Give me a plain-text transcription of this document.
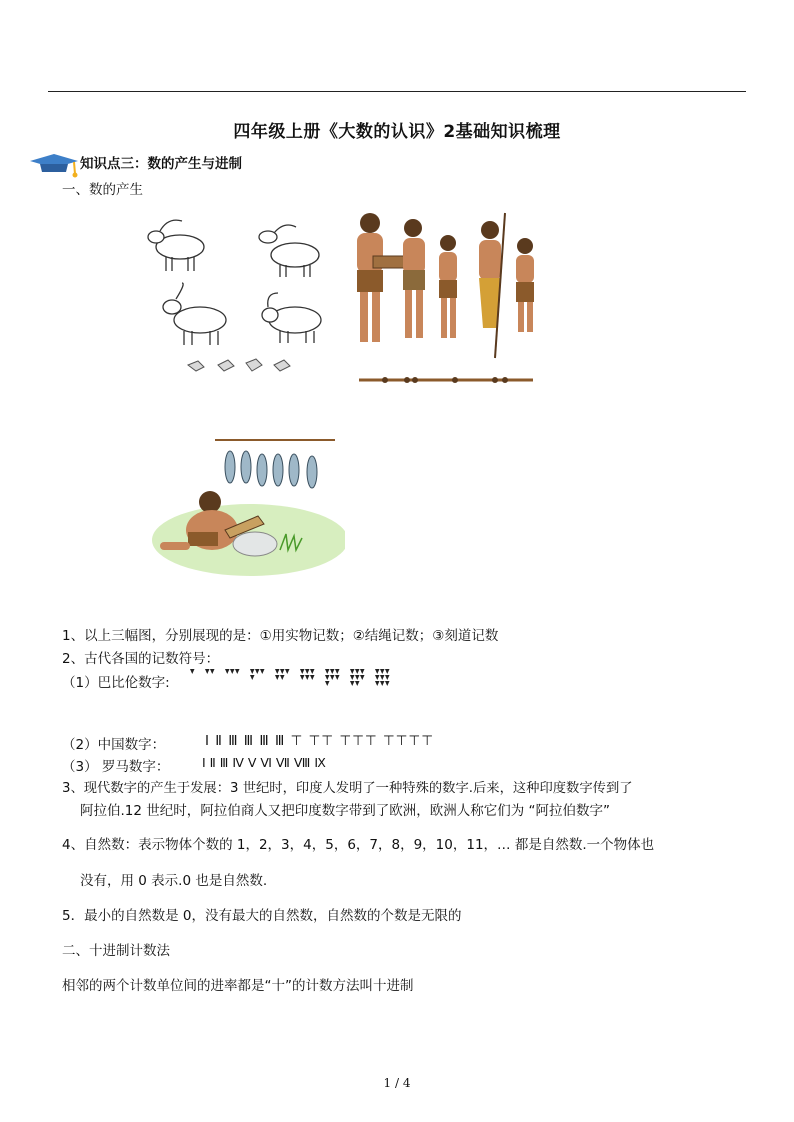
四年级上册《大数的认识》2基础知识梳理
知识点三：数的产生与进制
一、数的产生
1、以上三幅图，分别展现的是：①用实物记数；②结绳记数；③刻道记数
2、古代各国的记数符号：
（1）巴比伦数字:
（2）中国数字：	Ⅰ Ⅱ Ⅲ Ⅲ Ⅲ Ⅲ ⊤ ⊤⊤ ⊤⊤⊤ ⊤⊤⊤⊤
（3） 罗马数字：	Ⅰ Ⅱ Ⅲ Ⅳ Ⅴ Ⅵ Ⅶ Ⅷ Ⅸ
3、现代数字的产生于发展：3 世纪时，印度人发明了一种特殊的数字.后来，这种印度数字传到了
阿拉伯.12 世纪时，阿拉伯商人又把印度数字带到了欧洲，欧洲人称它们为 “阿拉伯数字”
4、自然数：表示物体个数的 1，2，3，4，5，6，7，8，9，10，11，… 都是自然数.一个物体也
没有，用 0 表示.0 也是自然数.
5．最小的自然数是 0，没有最大的自然数，自然数的个数是无限的
二、十进制计数法
相邻的两个计数单位间的进率都是“十”的计数方法叫十进制
1 / 4
